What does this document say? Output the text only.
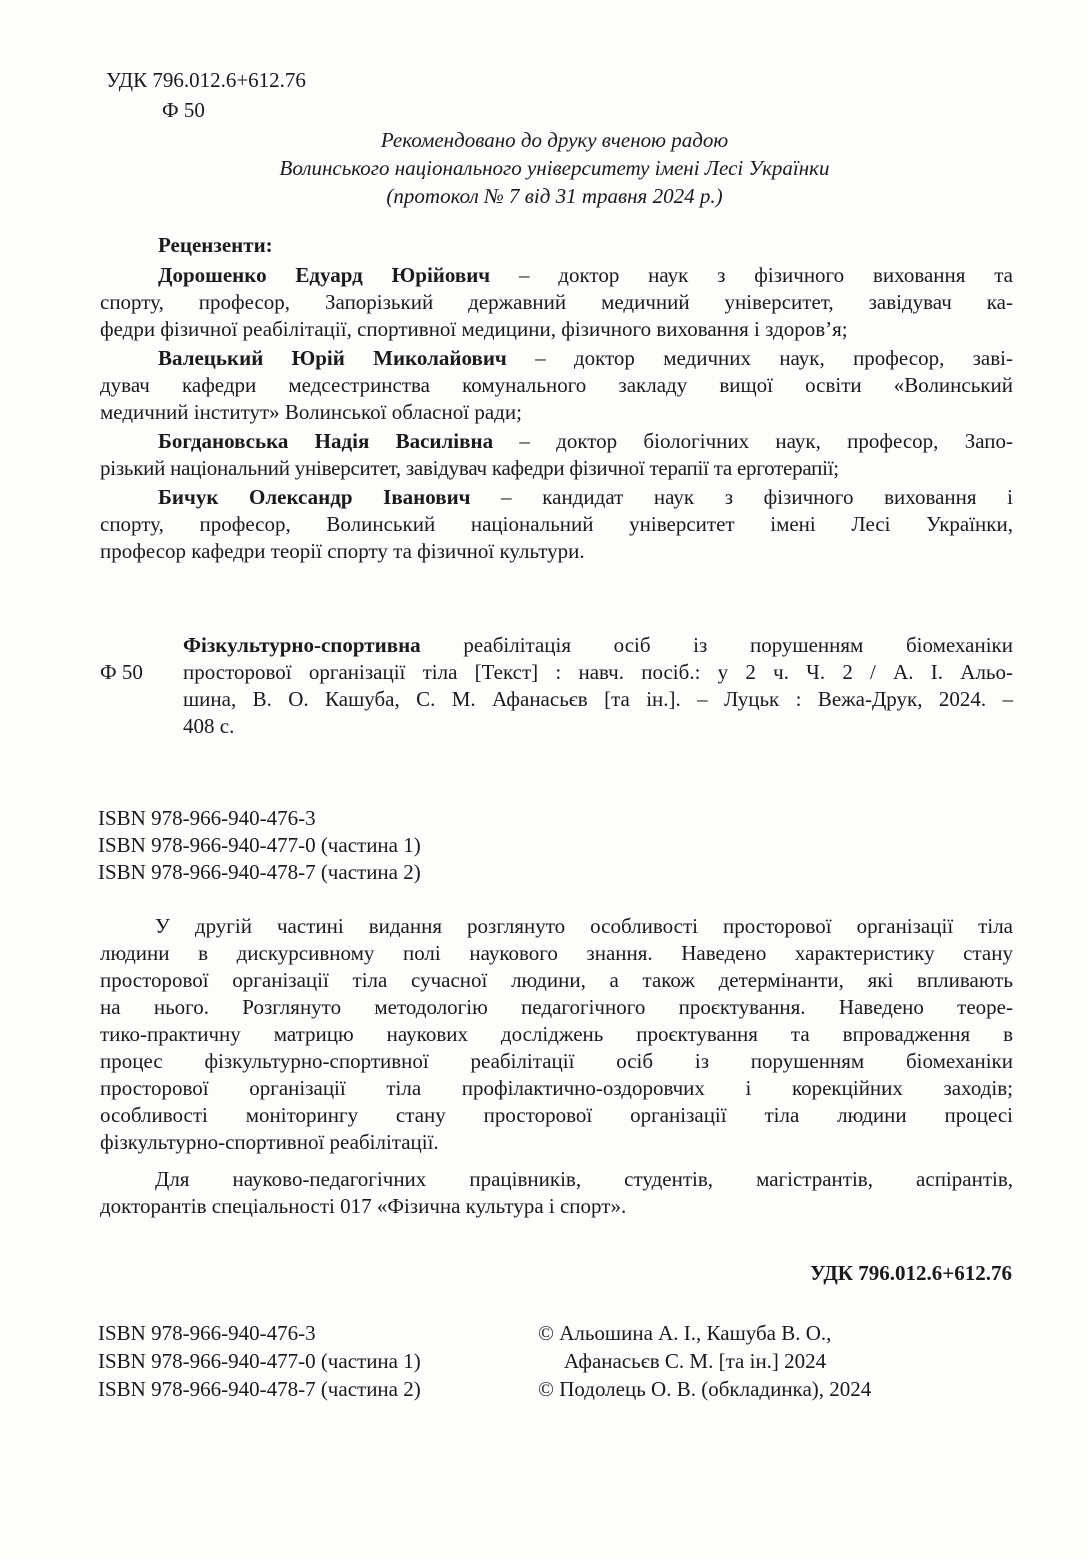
УДК 796.012.6+612.76
Ф 50
Рекомендовано до друку вченою радою
Волинського національного університету імені Лесі Українки
(протокол № 7 від 31 травня 2024 р.)
Рецензенти:
Дорошенко Едуард Юрійович – доктор наук з фізичного виховання та
спорту, професор, Запорізький державний медичний університет, завідувач ка-
федри фізичної реабілітації, спортивної медицини, фізичного виховання і здоров’я;
Валецький Юрій Миколайович – доктор медичних наук, професор, заві-
дувач кафедри медсестринства комунального закладу вищої освіти «Волинський
медичний інститут» Волинської обласної ради;
Богдановська Надія Василівна – доктор біологічних наук, професор, Запо-
різький національний університет, завідувач кафедри фізичної терапії та ерготерапії;
Бичук Олександр Іванович – кандидат наук з фізичного виховання і
спорту, професор, Волинський національний університет імені Лесі Українки,
професор кафедри теорії спорту та фізичної культури.
Ф 50
Фізкультурно-спортивна реабілітація осіб із порушенням біомеханіки
просторової організації тіла [Текст] : навч. посіб.: у 2 ч. Ч. 2 / А. І. Альо-
шина, В. О. Кашуба, С. М. Афанасьєв [та ін.]. – Луцьк : Вежа-Друк, 2024. –
408 с.
ISBN 978-966-940-476-3
ISBN 978-966-940-477-0 (частина 1)
ISBN 978-966-940-478-7 (частина 2)
У другій частині видання розглянуто особливості просторової організації тіла
людини в дискурсивному полі наукового знання. Наведено характеристику стану
просторової організації тіла сучасної людини, а також детермінанти, які впливають
на нього. Розглянуто методологію педагогічного проєктування. Наведено теоре-
тико-практичну матрицю наукових досліджень проєктування та впровадження в
процес фізкультурно-спортивної реабілітації осіб із порушенням біомеханіки
просторової організації тіла профілактично-оздоровчих і корекційних заходів;
особливості моніторингу стану просторової організації тіла людини процесі
фізкультурно-спортивної реабілітації.
Для науково-педагогічних працівників, студентів, магістрантів, аспірантів,
докторантів спеціальності 017 «Фізична культура і спорт».
УДК 796.012.6+612.76
ISBN 978-966-940-476-3
ISBN 978-966-940-477-0 (частина 1)
ISBN 978-966-940-478-7 (частина 2)
© Альошина А. І., Кашуба В. О.,
Афанасьєв С. М. [та ін.] 2024
© Подолець О. В. (обкладинка), 2024
